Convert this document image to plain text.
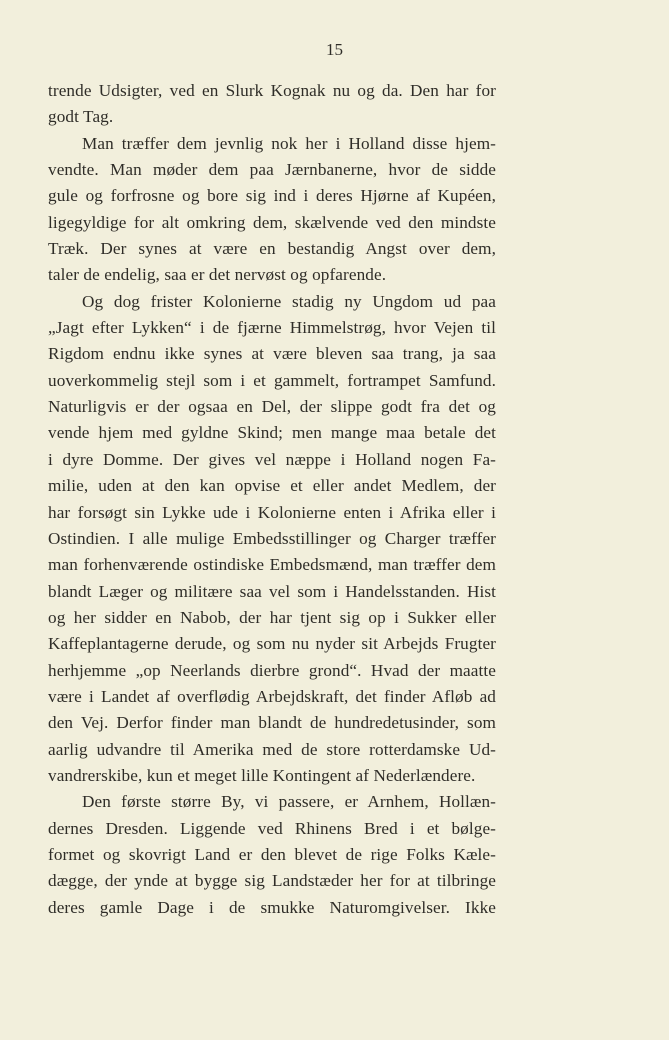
15
trende Udsigter, ved en Slurk Kognak nu og da. Den har for
godt Tag.
Man træffer dem jevnlig nok her i Holland disse hjem-
vendte. Man møder dem paa Jærnbanerne, hvor de sidde
gule og forfrosne og bore sig ind i deres Hjørne af Kupéen,
ligegyldige for alt omkring dem, skælvende ved den mindste
Træk. Der synes at være en bestandig Angst over dem,
taler de endelig, saa er det nervøst og opfarende.
Og dog frister Kolonierne stadig ny Ungdom ud paa
„Jagt efter Lykken“ i de fjærne Himmelstrøg, hvor Vejen til
Rigdom endnu ikke synes at være bleven saa trang, ja saa
uoverkommelig stejl som i et gammelt, fortrampet Samfund.
Naturligvis er der ogsaa en Del, der slippe godt fra det og
vende hjem med gyldne Skind; men mange maa betale det
i dyre Domme. Der gives vel næppe i Holland nogen Fa-
milie, uden at den kan opvise et eller andet Medlem, der
har forsøgt sin Lykke ude i Kolonierne enten i Afrika eller i
Ostindien. I alle mulige Embedsstillinger og Charger træffer
man forhenværende ostindiske Embedsmænd, man træffer dem
blandt Læger og militære saa vel som i Handelsstanden. Hist
og her sidder en Nabob, der har tjent sig op i Sukker eller
Kaffeplantagerne derude, og som nu nyder sit Arbejds Frugter
herhjemme „op Neerlands dierbre grond“. Hvad der maatte
være i Landet af overflødig Arbejdskraft, det finder Afløb ad
den Vej. Derfor finder man blandt de hundredetusinder, som
aarlig udvandre til Amerika med de store rotterdamske Ud-
vandrerskibe, kun et meget lille Kontingent af Nederlændere.
Den første større By, vi passere, er Arnhem, Hollæn-
dernes Dresden. Liggende ved Rhinens Bred i et bølge-
formet og skovrigt Land er den blevet de rige Folks Kæle-
dægge, der ynde at bygge sig Landstæder her for at tilbringe
deres gamle Dage i de smukke Naturomgivelser. Ikke
